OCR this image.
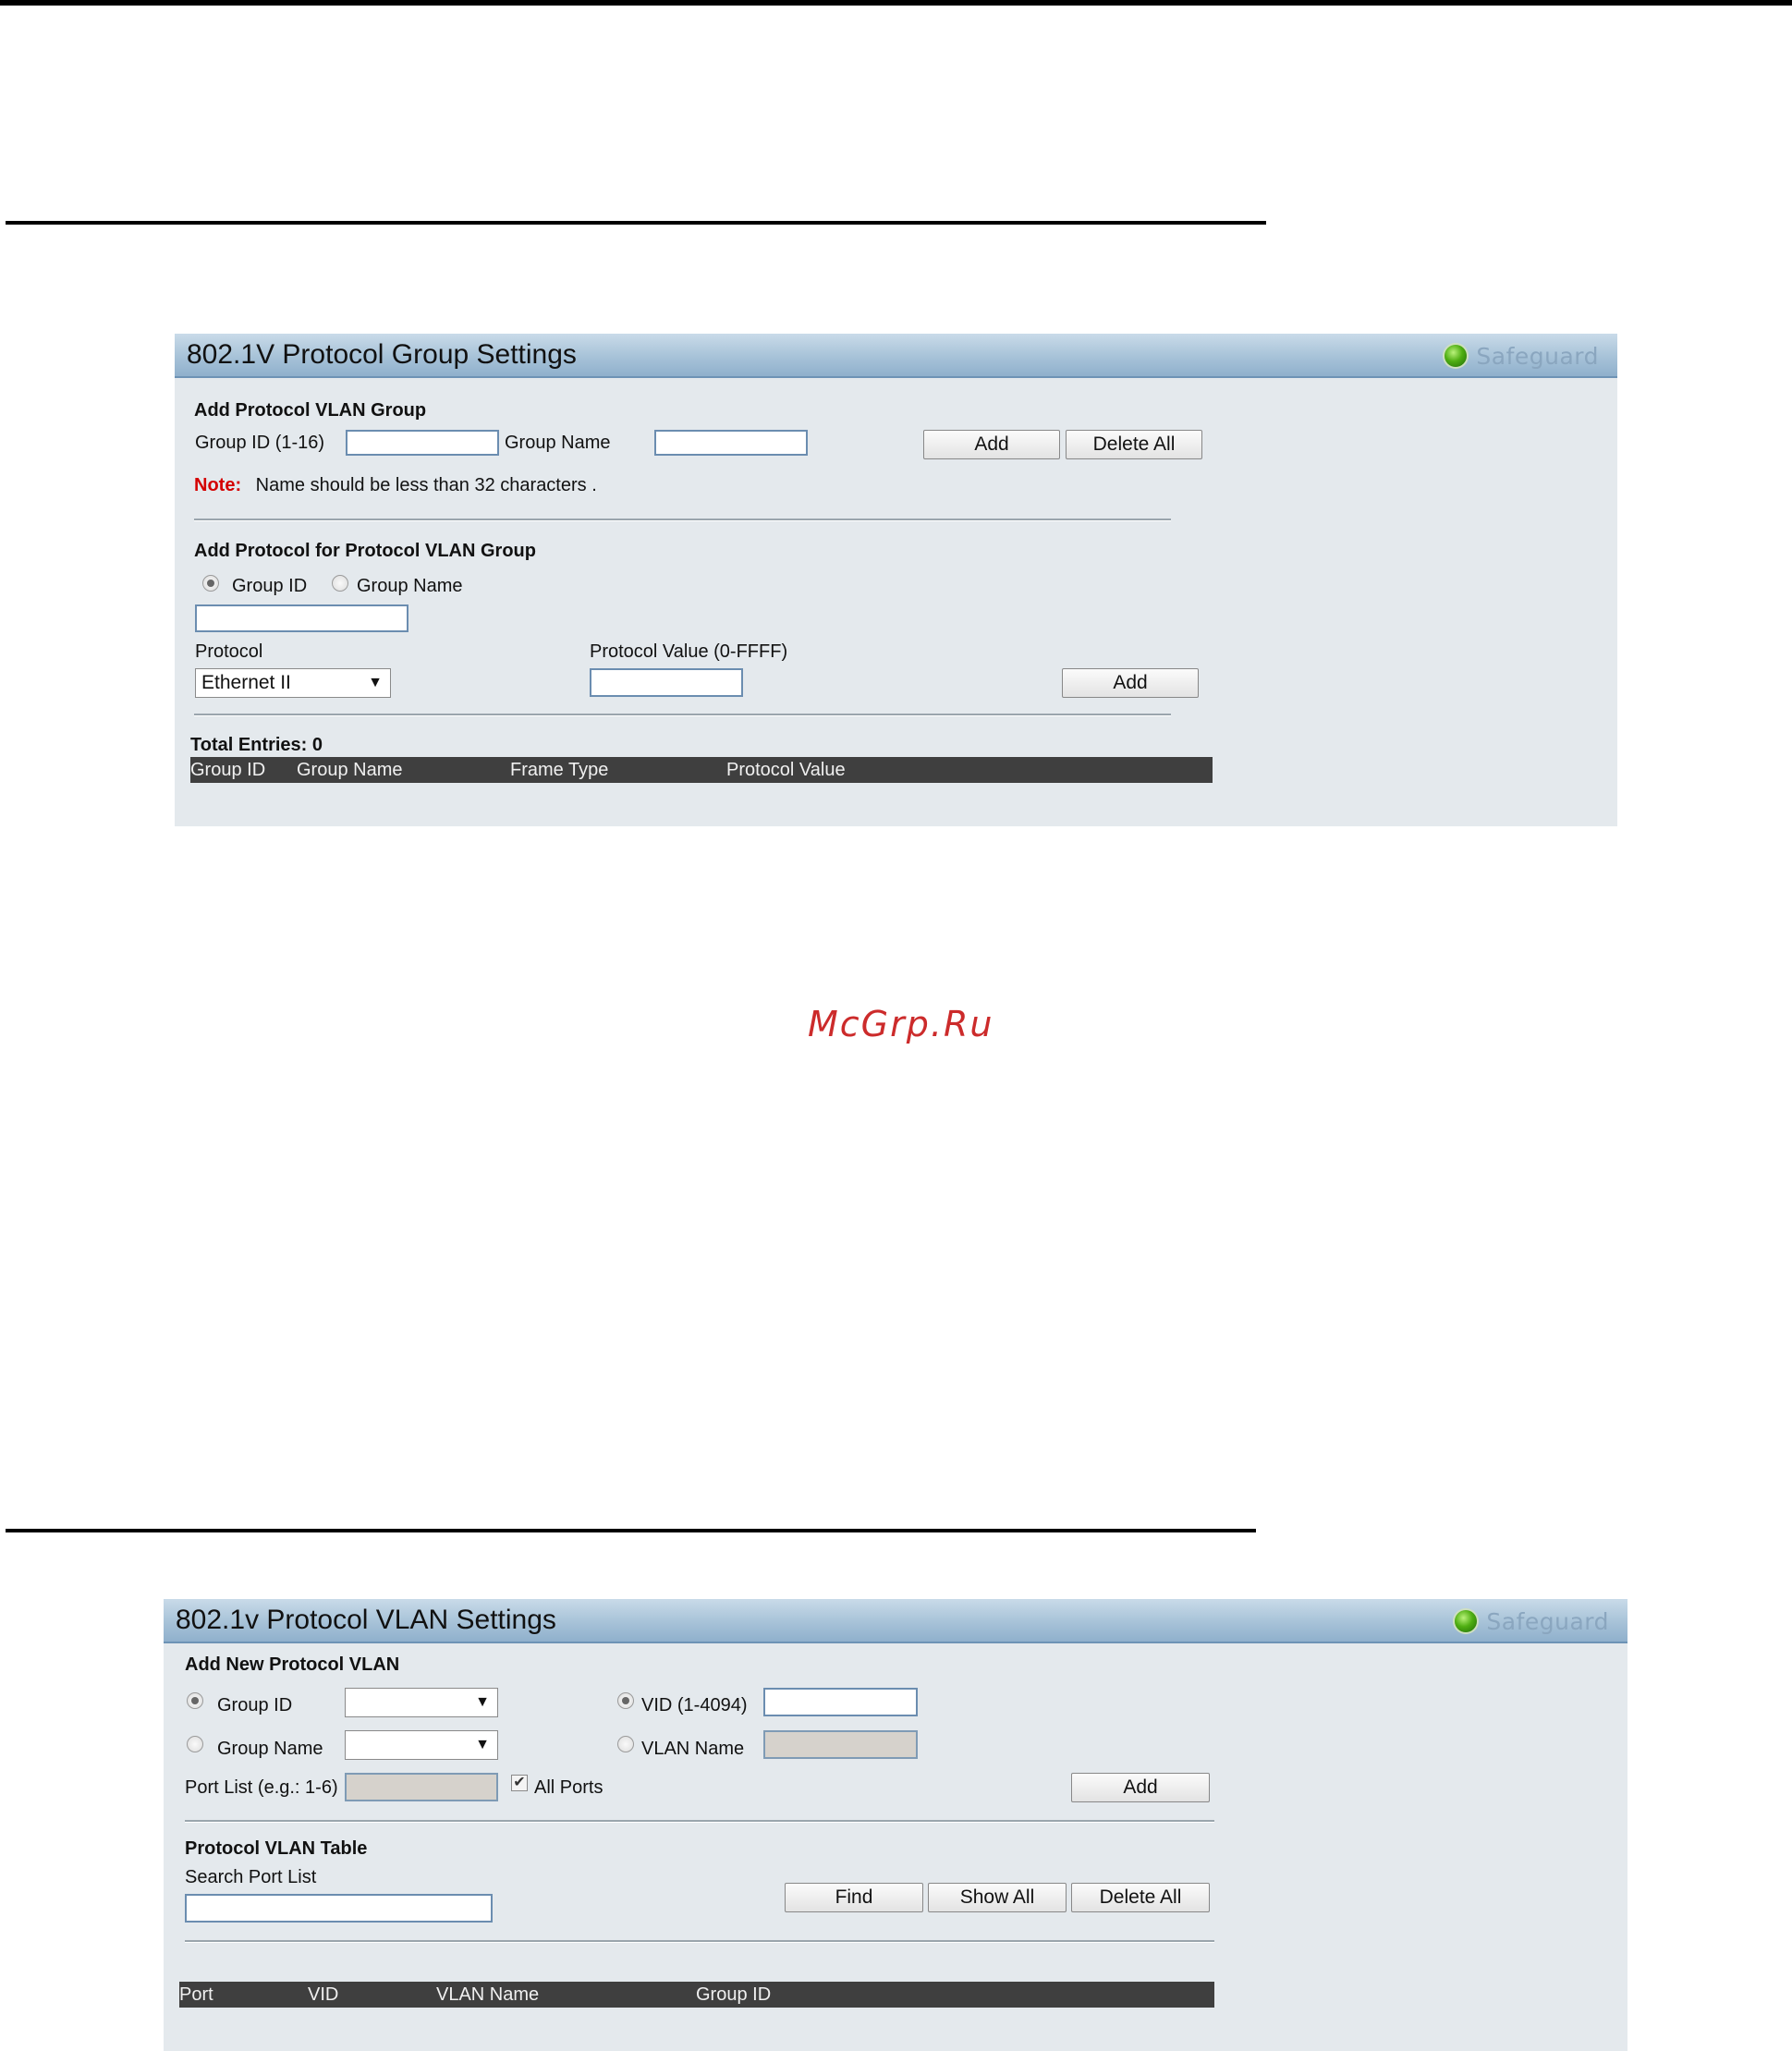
802.1V Protocol Group Settings	Safeguard
Add Protocol VLAN Group
Group ID (1-16)	Group Name	Add	Delete All
Note: Name should be less than 32 characters .
Add Protocol for Protocol VLAN Group
Group ID	Group Name
Protocol
Ethernet II	▼
Protocol Value (0-FFFF)
Add
Total Entries: 0
Group ID Group Name	Frame Type	Protocol Value
McGrp.Ru
802.1v Protocol VLAN Settings	Safeguard
Add New Protocol VLAN
Group ID	▼	VID (1-4094)
Group Name	▼	VLAN Name
Port List (e.g.: 1-6)	✔ All Ports	Add
Protocol VLAN Table
Search Port List
Find	Show All	Delete All
Port	VID	VLAN Name	Group ID
